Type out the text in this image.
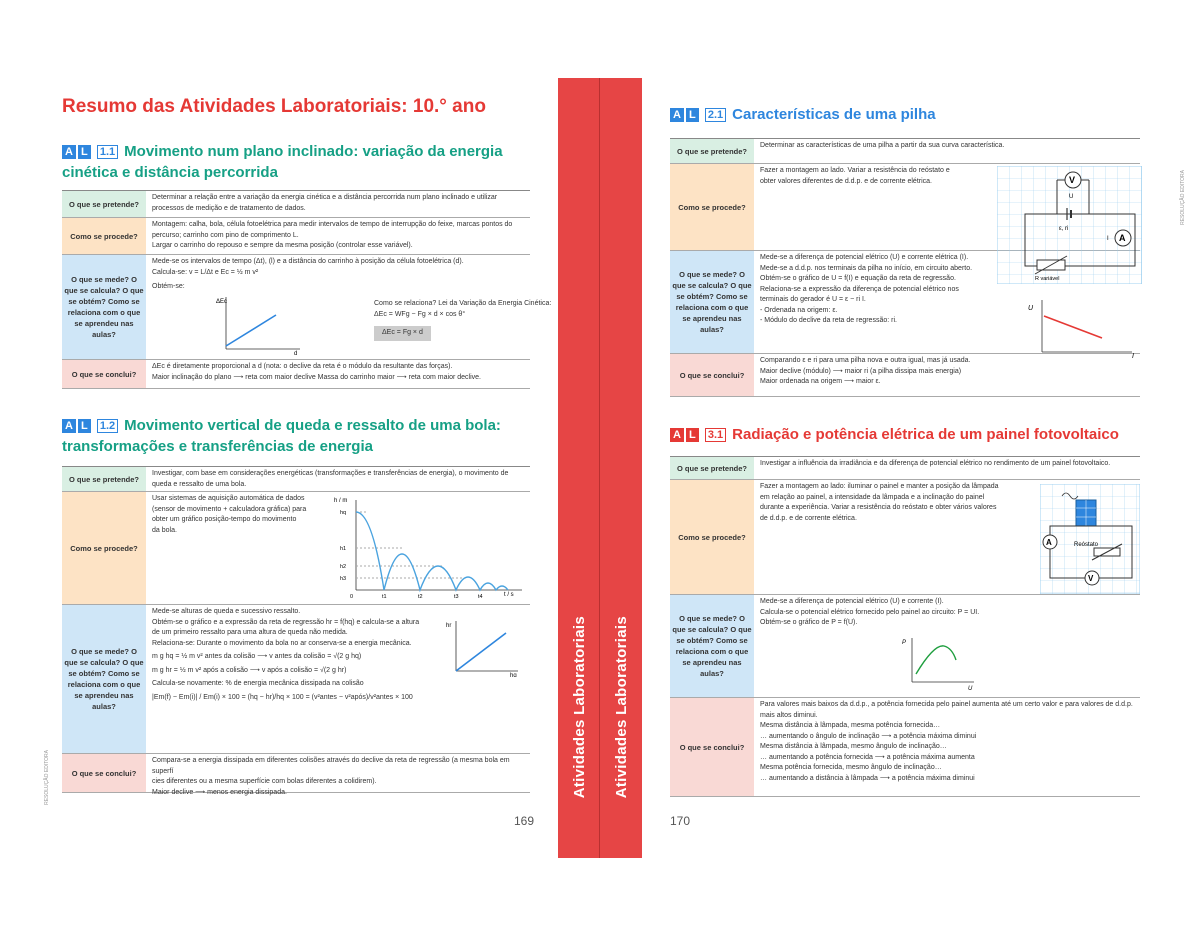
Resumo das Atividades Laboratoriais: 10.° ano
A L 1.1 Movimento num plano inclinado: variação da energia cinética e distância percorrida
O que se pretende?
Determinar a relação entre a variação da energia cinética e a distância percorrida num plano inclinado e utilizar processos de medição e de tratamento de dados.
Como se procede?

Montagem: calha, bola, célula fotoelétrica para medir intervalos de tempo de interrupção do feixe, marcas pontos do

percurso; carrinho com pino de comprimento L.

Largar o carrinho do repouso e sempre da mesma posição (controlar esse variável).

O que se mede? O que se calcula? O que se obtém? Como se relaciona com o que se aprendeu nas aulas?

Mede-se os intervalos de tempo (Δt), (l) e a distância do carrinho à posição da célula fotoelétrica (d).

Calcula-se: v = L/Δt e Ec = ½ m v²

Obtém-se:

ΔEc
d

Como se relaciona? Lei da Variação da Energia Cinética:

ΔEc = WFg − Fg × d × cos θ°

ΔEc = Fg × d
O que se conclui?

ΔEc é diretamente proporcional a d (nota: o declive da reta é o módulo da resultante das forças).

Maior inclinação do plano ⟶ reta com maior declive Massa do carrinho maior ⟶ reta com maior declive.

A L 1.2 Movimento vertical de queda e ressalto de uma bola: transformações e transferências de energia
O que se pretende?
Investigar, com base em considerações energéticas (transformações e transferências de energia), o movimento de queda e ressalto de uma bola.
Como se procede?

Usar sistemas de aquisição automática de dados

(sensor de movimento + calculadora gráfica) para

obter um gráfico posição-tempo do movimento

da bola.

h / m
t / s
hq
h1
h2
h3
0	t1	t2	t3	t4
O que se mede? O que se calcula? O que se obtém? Como se relaciona com o que se aprendeu nas aulas?

Mede-se alturas de queda e sucessivo ressalto.

Obtém-se o gráfico e a expressão da reta de regressão hr = f(hq) e calcula-se a altura

de um primeiro ressalto para uma altura de queda não medida.

Relaciona-se: Durante o movimento da bola no ar conserva-se a energia mecânica.

m g hq = ½ m v² antes da colisão ⟶ v antes da colisão = √(2 g hq)

m g hr = ½ m v² após a colisão ⟶ v após a colisão = √(2 g hr)

Calcula-se novamente: % de energia mecânica dissipada na colisão

|Em(f) − Em(i)| / Em(i) × 100 = (hq − hr)/hq × 100 = (v²antes − v²após)/v²antes × 100

hr
hq
O que se conclui?

Compara-se a energia dissipada em diferentes colisões através do declive da reta de regressão (a mesma bola em superfí

cies diferentes ou a mesma superfície com bolas diferentes a colidirem).

Maior declive ⟶ menos energia dissipada.

RESOLUÇÃO EDITORA
169
Atividades Laboratoriais Atividades Laboratoriais
A L 2.1 Características de uma pilha
O que se pretende?
Determinar as características de uma pilha a partir da sua curva característica.
Como se procede?

Fazer a montagem ao lado. Variar a resistência do reóstato e

obter valores diferentes de d.d.p. e de corrente elétrica.

O que se mede? O que se calcula? O que se obtém? Como se relaciona com o que se aprendeu nas aulas?

Mede-se a diferença de potencial elétrico (U) e corrente elétrica (I).

Mede-se a d.d.p. nos terminais da pilha no início, em circuito aberto.

Obtém-se o gráfico de U = f(I) e equação da reta de regressão.

Relaciona-se a expressão da diferença de potencial elétrico nos

terminais do gerador é U = ε − ri I.

- Ordenada na origem: ε.

- Módulo do declive da reta de regressão: ri.

O que se conclui?

Comparando ε e ri para uma pilha nova e outra igual, mas já usada.

Maior declive (módulo) ⟶ maior ri (a pilha dissipa mais energia)

Maior ordenada na origem ⟶ maior ε.

V
U
ε, ri
A
I
R variável
U
I
A L 3.1 Radiação e potência elétrica de um painel fotovoltaico
O que se pretende?	Investigar a influência da irradiância e da diferença de potencial elétrico no rendimento de um painel fotovoltaico.
Como se procede?

Fazer a montagem ao lado: iluminar o painel e manter a posição da lâmpada

em relação ao painel, a intensidade da lâmpada e a inclinação do painel

durante a experiência. Variar a resistência do reóstato e obter vários valores

de d.d.p. e de corrente elétrica.

O que se mede? O que se calcula? O que se obtém? Como se relaciona com o que se aprendeu nas aulas?

Mede-se a diferença de potencial elétrico (U) e corrente (I).

Calcula-se o potencial elétrico fornecido pelo painel ao circuito: P = UI.

Obtém-se o gráfico de P = f(U).

O que se conclui?

Para valores mais baixos da d.d.p., a potência fornecida pelo painel aumenta até um certo valor e para valores de d.d.p.

mais altos diminui.

Mesma distância à lâmpada, mesma potência fornecida…

… aumentando o ângulo de inclinação ⟶ a potência máxima diminui

Mesma distância à lâmpada, mesmo ângulo de inclinação…

… aumentando a potência fornecida ⟶ a potência máxima aumenta

Mesma potência fornecida, mesmo ângulo de inclinação…

… aumentando a distância à lâmpada ⟶ a potência máxima diminui

A	Reóstato
V
P
U
RESOLUÇÃO EDITORA
170
